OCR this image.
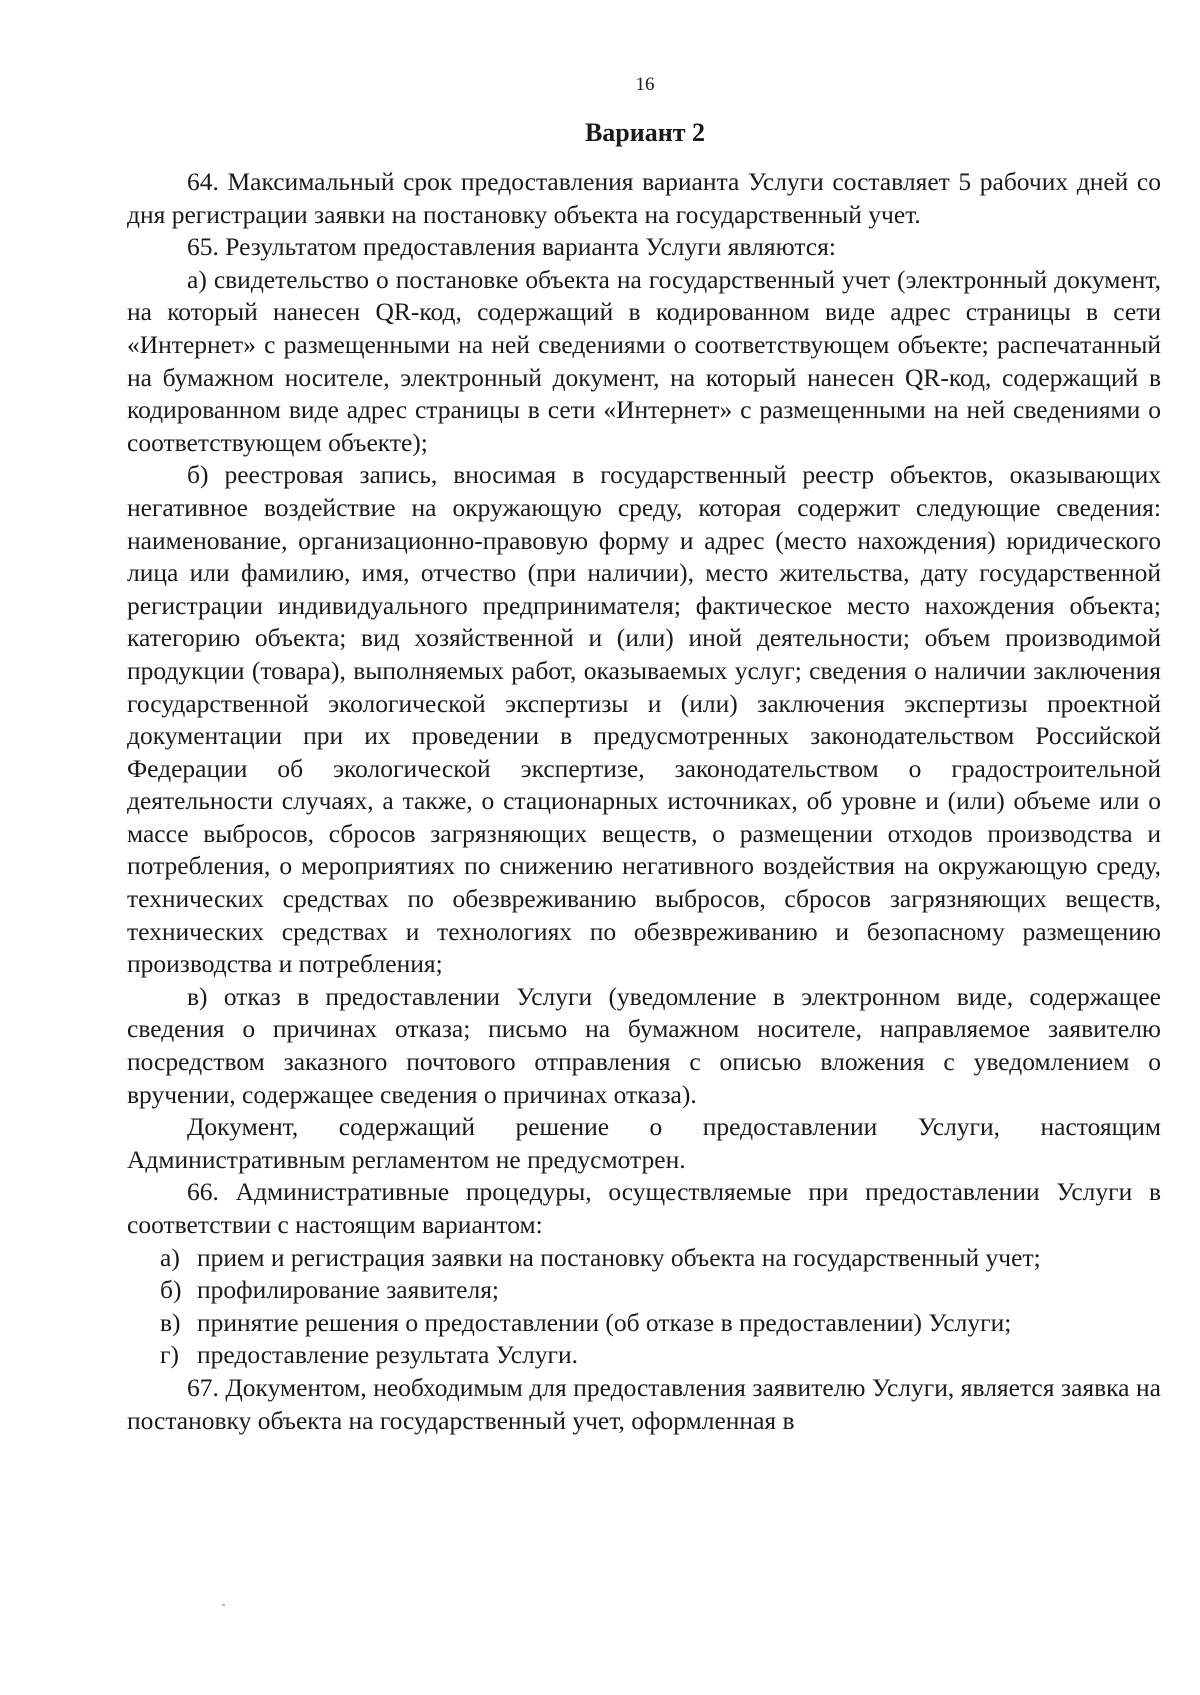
16
Вариант 2

64. Максимальный срок предоставления варианта Услуги составляет 5 рабочих дней со дня регистрации заявки на постановку объекта на государственный учет.

65. Результатом предоставления варианта Услуги являются:

а) свидетельство о постановке объекта на государственный учет (электронный документ, на который нанесен QR-код, содержащий в кодированном виде адрес страницы в сети «Интернет» с размещенными на ней сведениями о соответствующем объекте; распечатанный на бумажном носителе, электронный документ, на который нанесен QR-код, содержащий в кодированном виде адрес страницы в сети «Интернет» с размещенными на ней сведениями о соответствующем объекте);

б) реестровая запись, вносимая в государственный реестр объектов, оказывающих негативное воздействие на окружающую среду, которая содержит следующие сведения: наименование, организационно-правовую форму и адрес (место нахождения) юридического лица или фамилию, имя, отчество (при наличии), место жительства, дату государственной регистрации индивидуального предпринимателя; фактическое место нахождения объекта; категорию объекта; вид хозяйственной и (или) иной деятельности; объем производимой продукции (товара), выполняемых работ, оказываемых услуг; сведения о наличии заключения государственной экологической экспертизы и (или) заключения экспертизы проектной документации при их проведении в предусмотренных законодательством Российской Федерации об экологической экспертизе, законодательством о градостроительной деятельности случаях, а также, о стационарных источниках, об уровне и (или) объеме или о массе выбросов, сбросов загрязняющих веществ, о размещении отходов производства и потребления, о мероприятиях по снижению негативного воздействия на окружающую среду, технических средствах по обезвреживанию выбросов, сбросов загрязняющих веществ, технических средствах и технологиях по обезвреживанию и безопасному размещению производства и потребления;

в) отказ в предоставлении Услуги (уведомление в электронном виде, содержащее сведения о причинах отказа; письмо на бумажном носителе, направляемое заявителю посредством заказного почтового отправления с описью вложения с уведомлением о вручении, содержащее сведения о причинах отказа).

Документ, содержащий решение о предоставлении Услуги, настоящим Административным регламентом не предусмотрен.

66. Административные процедуры, осуществляемые при предоставлении Услуги в соответствии с настоящим вариантом:

а) прием и регистрация заявки на постановку объекта на государственный учет;

б) профилирование заявителя;

в) принятие решения о предоставлении (об отказе в предоставлении) Услуги;

г) предоставление результата Услуги.

67. Документом, необходимым для предоставления заявителю Услуги, является заявка на постановку объекта на государственный учет, оформленная в
